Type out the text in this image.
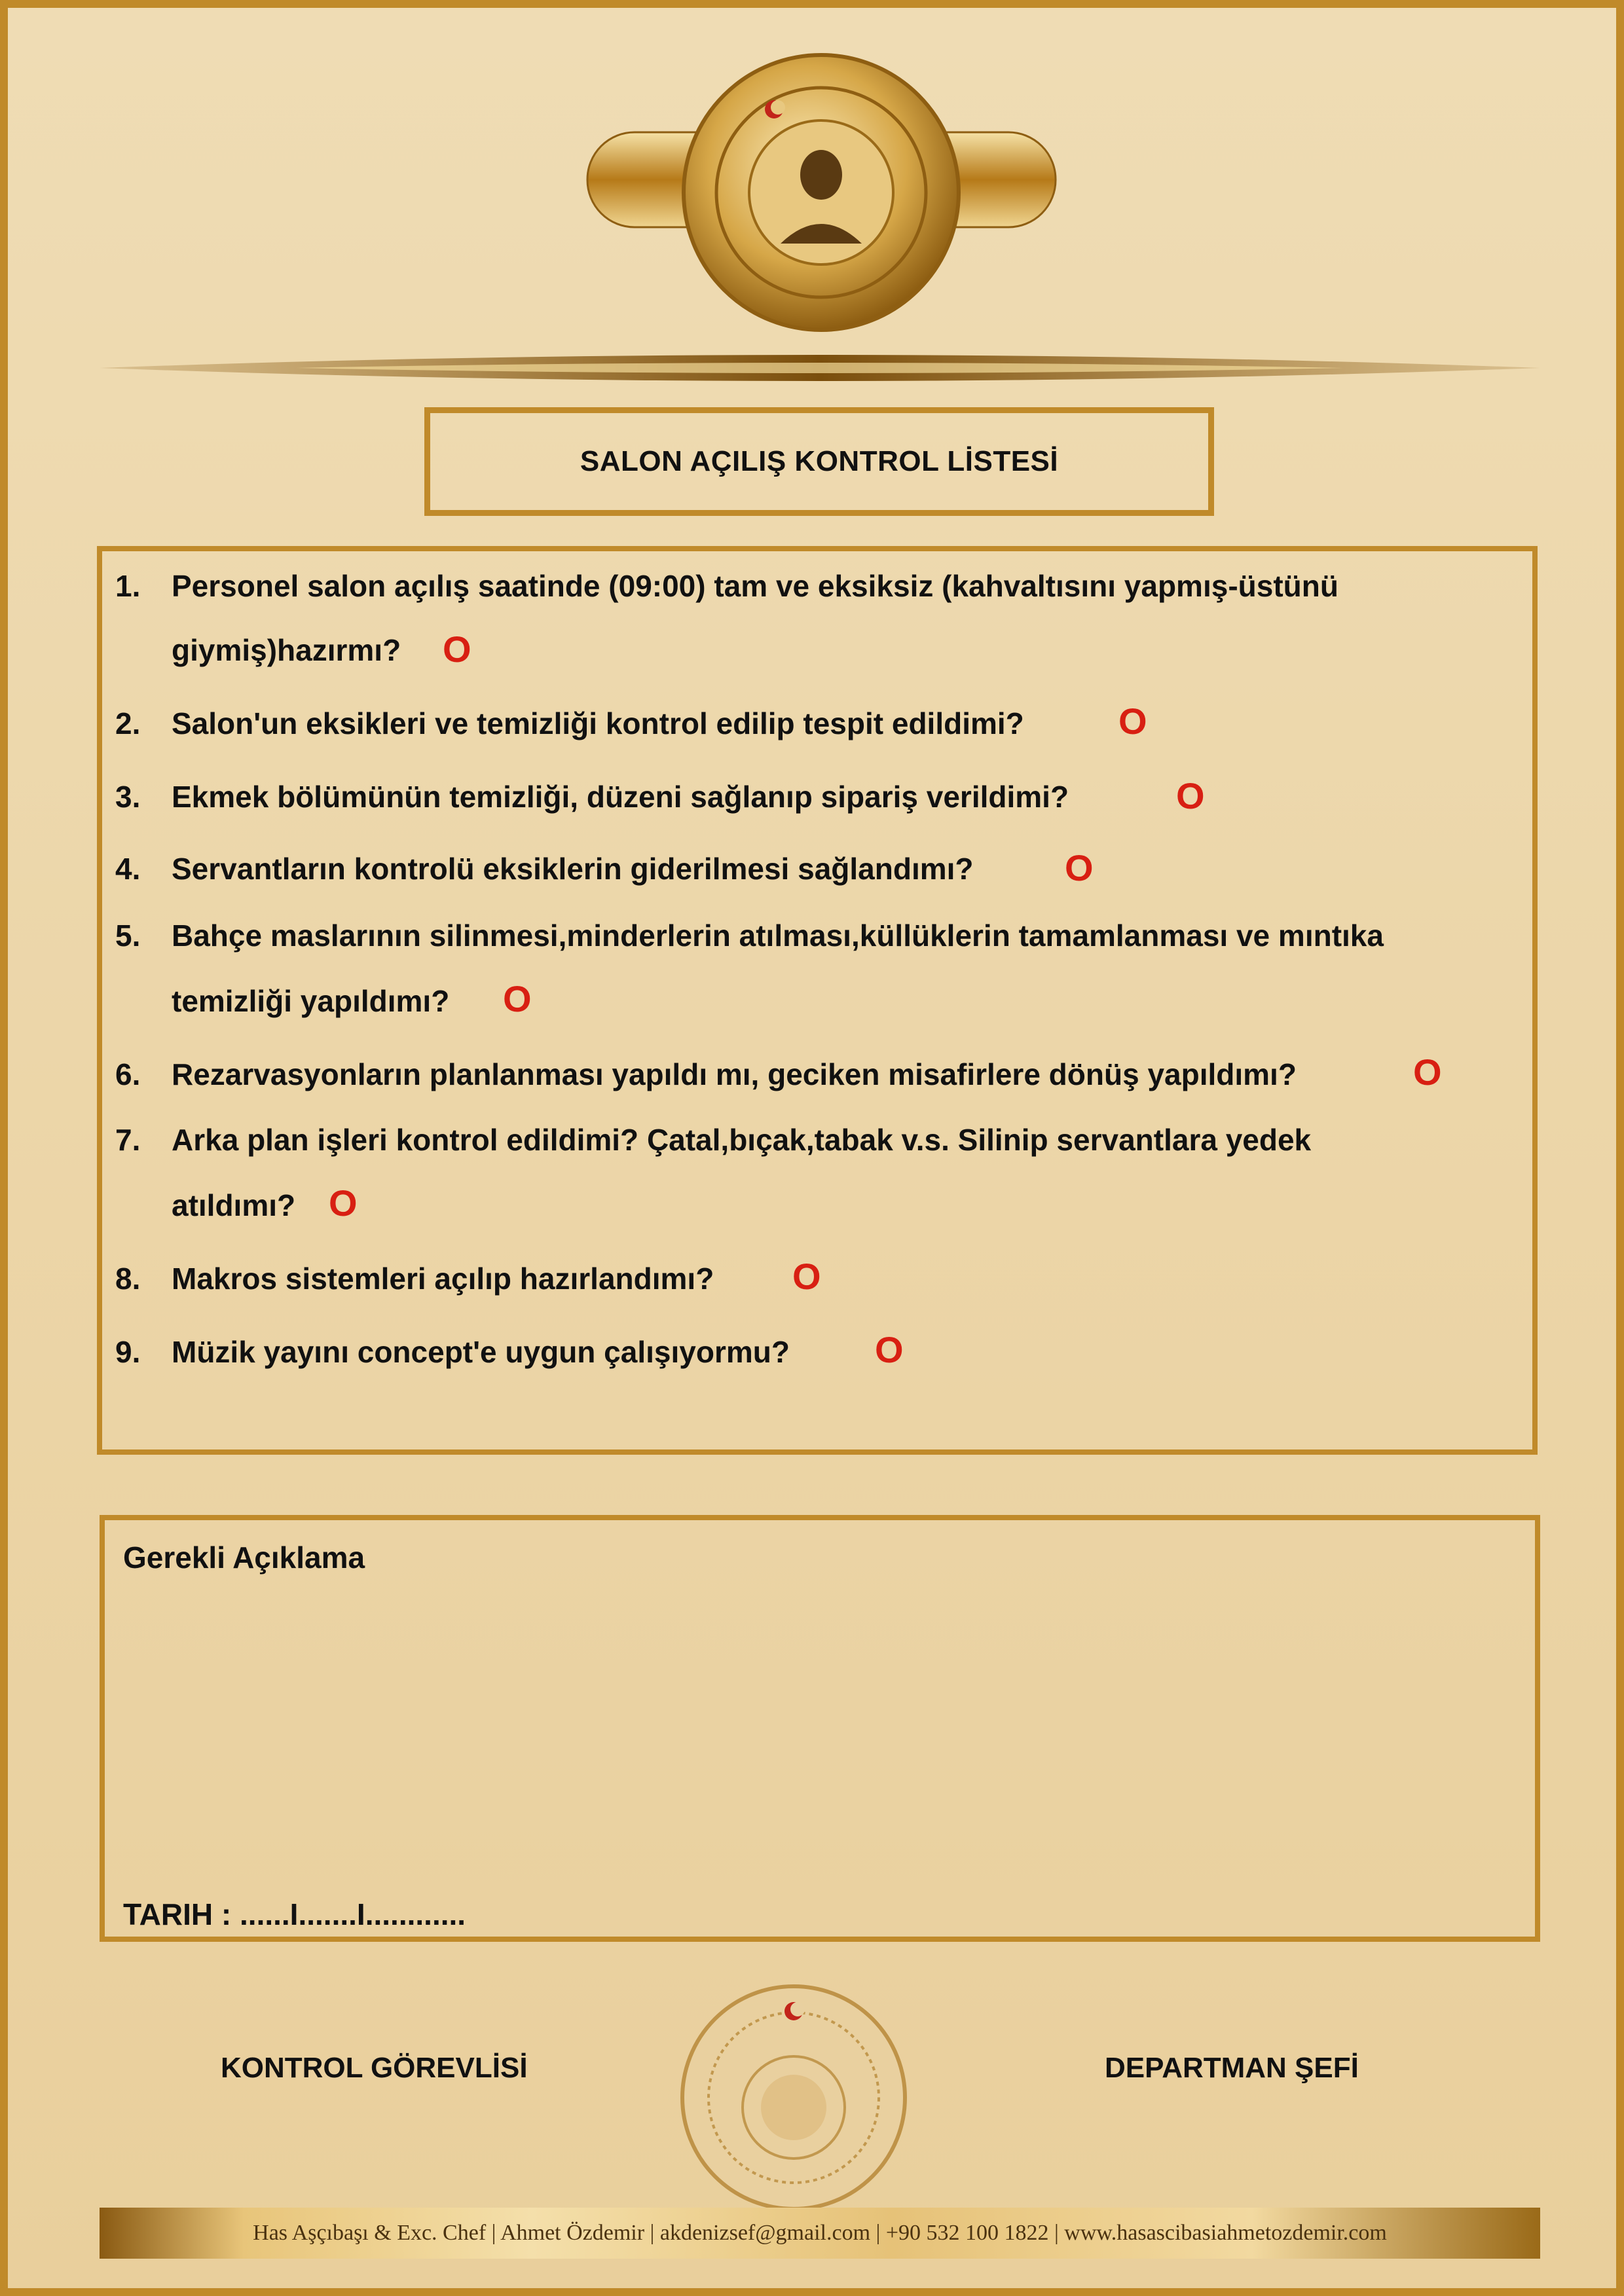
SALON AÇILIŞ KONTROL LİSTESİ
1. Personel salon açılış saatinde (09:00) tam ve eksiksiz (kahvaltısını yapmış-üstünü
giymiş)hazırmı? O
2. Salon'un eksikleri ve temizliği kontrol edilip tespit edildimi?	O
3. Ekmek bölümünün temizliği, düzeni sağlanıp sipariş verildimi?	O
4. Servantların kontrolü eksiklerin giderilmesi sağlandımı? O
5. Bahçe maslarının silinmesi,minderlerin atılması,küllüklerin tamamlanması ve mıntıka
temizliği yapıldımı? O
6. Rezarvasyonların planlanması yapıldı mı, geciken misafirlere dönüş yapıldımı?	O
7. Arka plan işleri kontrol edildimi? Çatal,bıçak,tabak v.s. Silinip servantlara yedek
atıldımı? O
8. Makros sistemleri açılıp hazırlandımı? O
9. Müzik yayını concept'e uygun çalışıyormu? O
Gerekli Açıklama
TARIH : ......I.......I............
KONTROL GÖREVLİSİ	DEPARTMAN ŞEFİ
Has Aşçıbaşı & Exc. Chef | Ahmet Özdemir | akdenizsef@gmail.com | +90 532 100 1822 | www.hasascibasiahmetozdemir.com
